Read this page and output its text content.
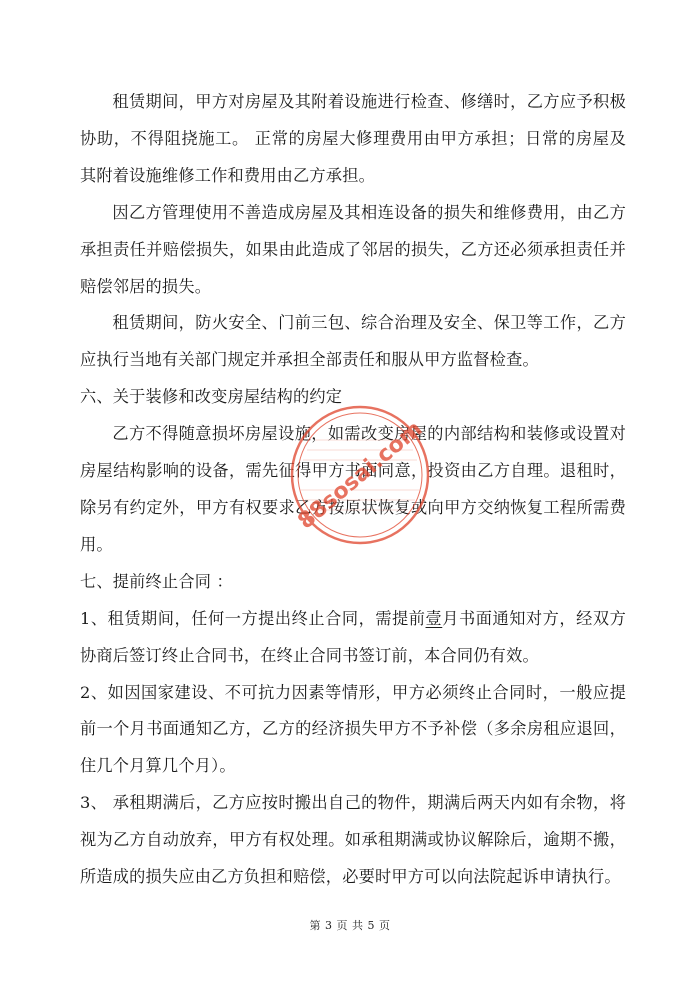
租赁期间，甲方对房屋及其附着设施进行检查、修缮时，乙方应予积极协助，不得阻挠施工。 正常的房屋大修理费用由甲方承担；日常的房屋及其附着设施维修工作和费用由乙方承担。

因乙方管理使用不善造成房屋及其相连设备的损失和维修费用，由乙方承担责任并赔偿损失，如果由此造成了邻居的损失，乙方还必须承担责任并赔偿邻居的损失。

租赁期间，防火安全、门前三包、综合治理及安全、保卫等工作，乙方应执行当地有关部门规定并承担全部责任和服从甲方监督检查。

六、关于装修和改变房屋结构的约定

乙方不得随意损坏房屋设施，如需改变房屋的内部结构和装修或设置对房屋结构影响的设备，需先征得甲方书面同意，投资由乙方自理。退租时，除另有约定外，甲方有权要求乙方按原状恢复或向甲方交纳恢复工程所需费用。

七、提前终止合同 ：

1、租赁期间，任何一方提出终止合同，需提前壹月书面通知对方，经双方协商后签订终止合同书，在终止合同书签订前，本合同仍有效。

2、如因国家建设、不可抗力因素等情形，甲方必须终止合同时，一般应提前一个月书面通知乙方，乙方的经济损失甲方不予补偿（多余房租应退回，住几个月算几个月）。

3、 承租期满后，乙方应按时搬出自己的物件，期满后两天内如有余物，将视为乙方自动放弃，甲方有权处理。如承租期满或协议解除后，逾期不搬，所造成的损失应由乙方负担和赔偿，必要时甲方可以向法院起诉申请执行。

88sosai.com
第 3 页 共 5 页
